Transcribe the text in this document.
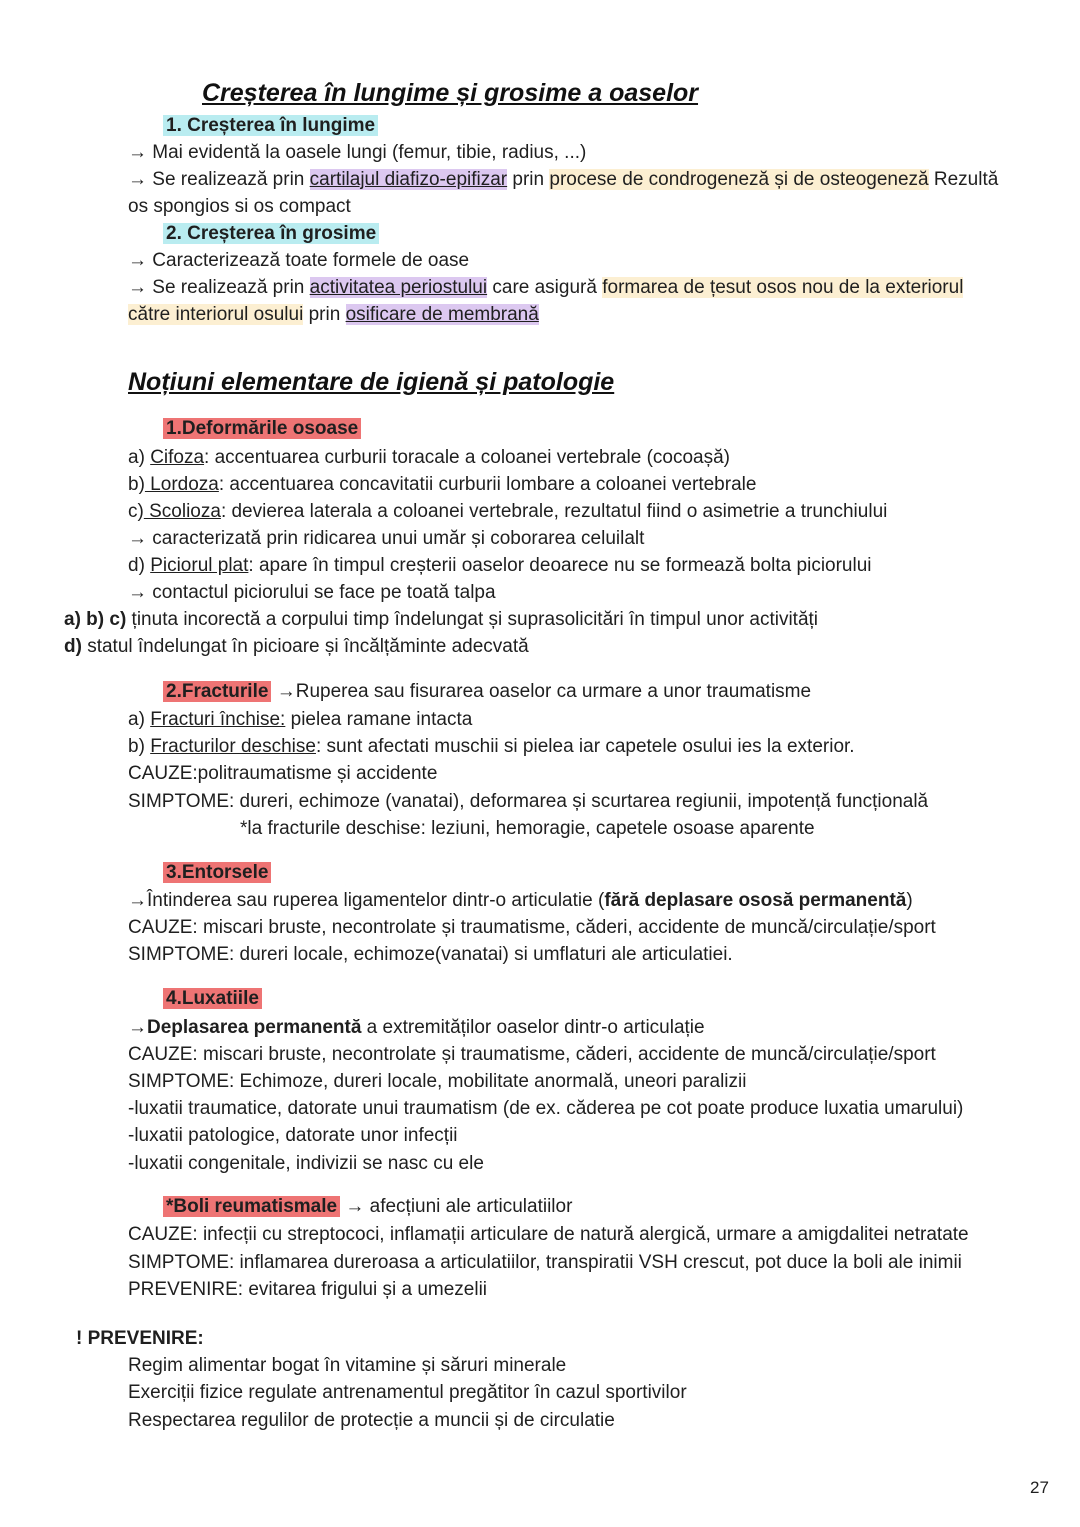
Creșterea în lungime și grosime a oaselor
1. Creșterea în lungime
→ Mai evidentă la oasele lungi (femur, tibie, radius, ...)
→ Se realizează prin cartilajul diafizo-epifizar prin procese de condrogeneză și de osteogeneză Rezultă
os spongios si os compact
2. Creșterea în grosime
→ Caracterizează toate formele de oase
→ Se realizează prin activitatea periostului care asigură formarea de țesut osos nou de la exteriorul
către interiorul osului prin osificare de membrană
Noțiuni elementare de igienă și patologie
1.Deformările osoase
a) Cifoza: accentuarea curburii toracale a coloanei vertebrale (cocoașă)
b) Lordoza: accentuarea concavitatii curburii lombare a coloanei vertebrale
c) Scolioza: devierea laterala a coloanei vertebrale, rezultatul fiind o asimetrie a trunchiului
→ caracterizată prin ridicarea unui umăr și coborarea celuilalt
d) Piciorul plat: apare în timpul creșterii oaselor deoarece nu se formează bolta piciorului
→ contactul piciorului se face pe toată talpa
a) b) c) ținuta incorectă a corpului timp îndelungat și suprasolicitări în timpul unor activități
d) statul îndelungat în picioare și încălțăminte adecvată
2.Fracturile →Ruperea sau fisurarea oaselor ca urmare a unor traumatisme
a) Fracturi închise: pielea ramane intacta
b) Fracturilor deschise: sunt afectati muschii si pielea iar capetele osului ies la exterior.
CAUZE:politraumatisme și accidente
SIMPTOME: dureri, echimoze (vanatai), deformarea și scurtarea regiunii, impotență funcțională
*la fracturile deschise: leziuni, hemoragie, capetele osoase aparente
3.Entorsele
→Întinderea sau ruperea ligamentelor dintr-o articulatie (fără deplasare ososă permanentă)
CAUZE: miscari bruste, necontrolate și traumatisme, căderi, accidente de muncă/circulație/sport
SIMPTOME: dureri locale, echimoze(vanatai) si umflaturi ale articulatiei.
4.Luxatiile
→Deplasarea permanentă a extremităților oaselor dintr-o articulație
CAUZE: miscari bruste, necontrolate și traumatisme, căderi, accidente de muncă/circulație/sport
SIMPTOME: Echimoze, dureri locale, mobilitate anormală, uneori paralizii
-luxatii traumatice, datorate unui traumatism (de ex. căderea pe cot poate produce luxatia umarului)
-luxatii patologice, datorate unor infecții
-luxatii congenitale, indivizii se nasc cu ele
*Boli reumatismale → afecțiuni ale articulatiilor
CAUZE: infecții cu streptococi, inflamații articulare de natură alergică, urmare a amigdalitei netratate
SIMPTOME: inflamarea dureroasa a articulatiilor, transpiratii VSH crescut, pot duce la boli ale inimii
PREVENIRE: evitarea frigului și a umezelii
! PREVENIRE:
Regim alimentar bogat în vitamine și săruri minerale
Exerciții fizice regulate antrenamentul pregătitor în cazul sportivilor
Respectarea regulilor de protecție a muncii și de circulatie
27
